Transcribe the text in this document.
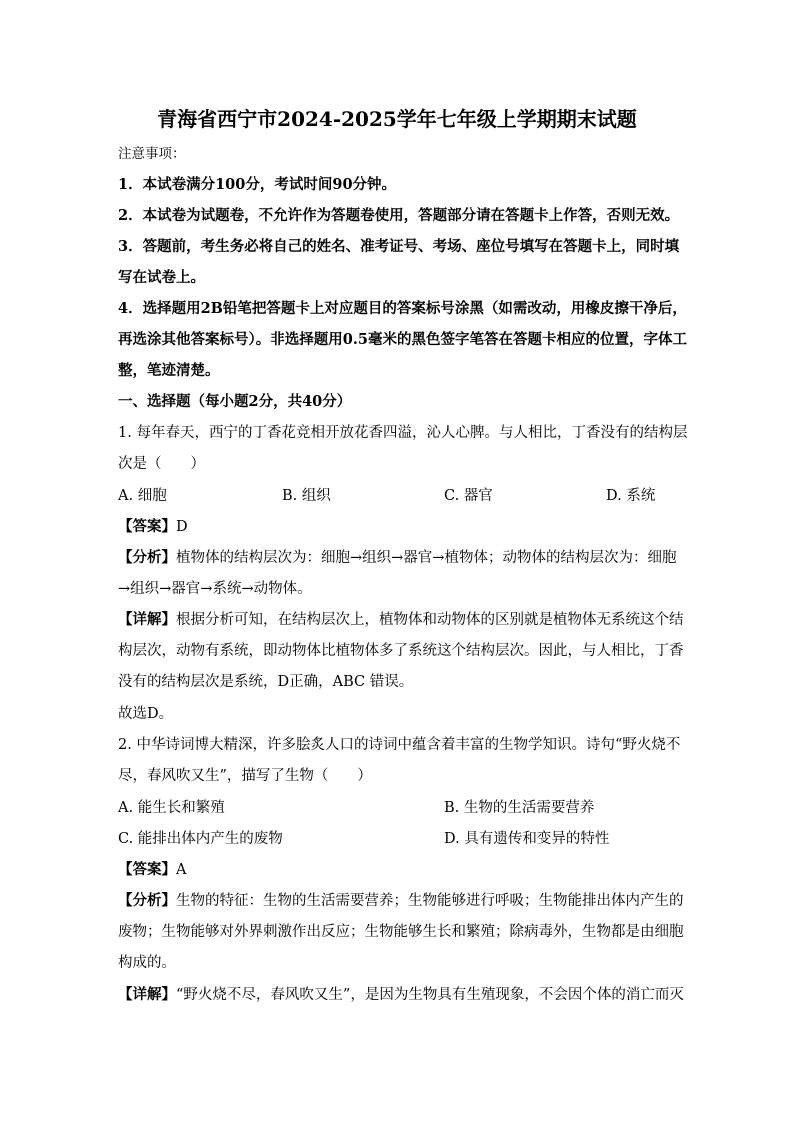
青海省西宁市2024-2025学年七年级上学期期末试题
注意事项：
1．本试卷满分100分，考试时间90分钟。
2．本试卷为试题卷，不允许作为答题卷使用，答题部分请在答题卡上作答，否则无效。
3．答题前，考生务必将自己的姓名、准考证号、考场、座位号填写在答题卡上，同时填
写在试卷上。
4．选择题用2B铅笔把答题卡上对应题目的答案标号涂黑（如需改动，用橡皮擦干净后，
再选涂其他答案标号）。非选择题用0.5毫米的黑色签字笔答在答题卡相应的位置，字体工
整，笔迹清楚。
一、选择题（每小题2分，共40分）
1. 每年春天，西宁的丁香花竞相开放花香四溢，沁人心脾。与人相比，丁香没有的结构层
次是（　　）
A. 细胞	B. 组织	C. 器官	D. 系统
【答案】D
【分析】植物体的结构层次为：细胞→组织→器官→植物体；动物体的结构层次为：细胞
→组织→器官→系统→动物体。
【详解】根据分析可知，在结构层次上，植物体和动物体的区别就是植物体无系统这个结
构层次，动物有系统，即动物体比植物体多了系统这个结构层次。因此，与人相比，丁香
没有的结构层次是系统，D正确，ABC 错误。
故选D。
2. 中华诗词博大精深，许多脍炙人口的诗词中蕴含着丰富的生物学知识。诗句“野火烧不
尽，春风吹又生”，描写了生物（　　）
A. 能生长和繁殖	B. 生物的生活需要营养
C. 能排出体内产生的废物	D. 具有遗传和变异的特性
【答案】A
【分析】生物的特征：生物的生活需要营养；生物能够进行呼吸；生物能排出体内产生的
废物；生物能够对外界刺激作出反应；生物能够生长和繁殖；除病毒外，生物都是由细胞
构成的。
【详解】“野火烧不尽，春风吹又生”，是因为生物具有生殖现象，不会因个体的消亡而灭
